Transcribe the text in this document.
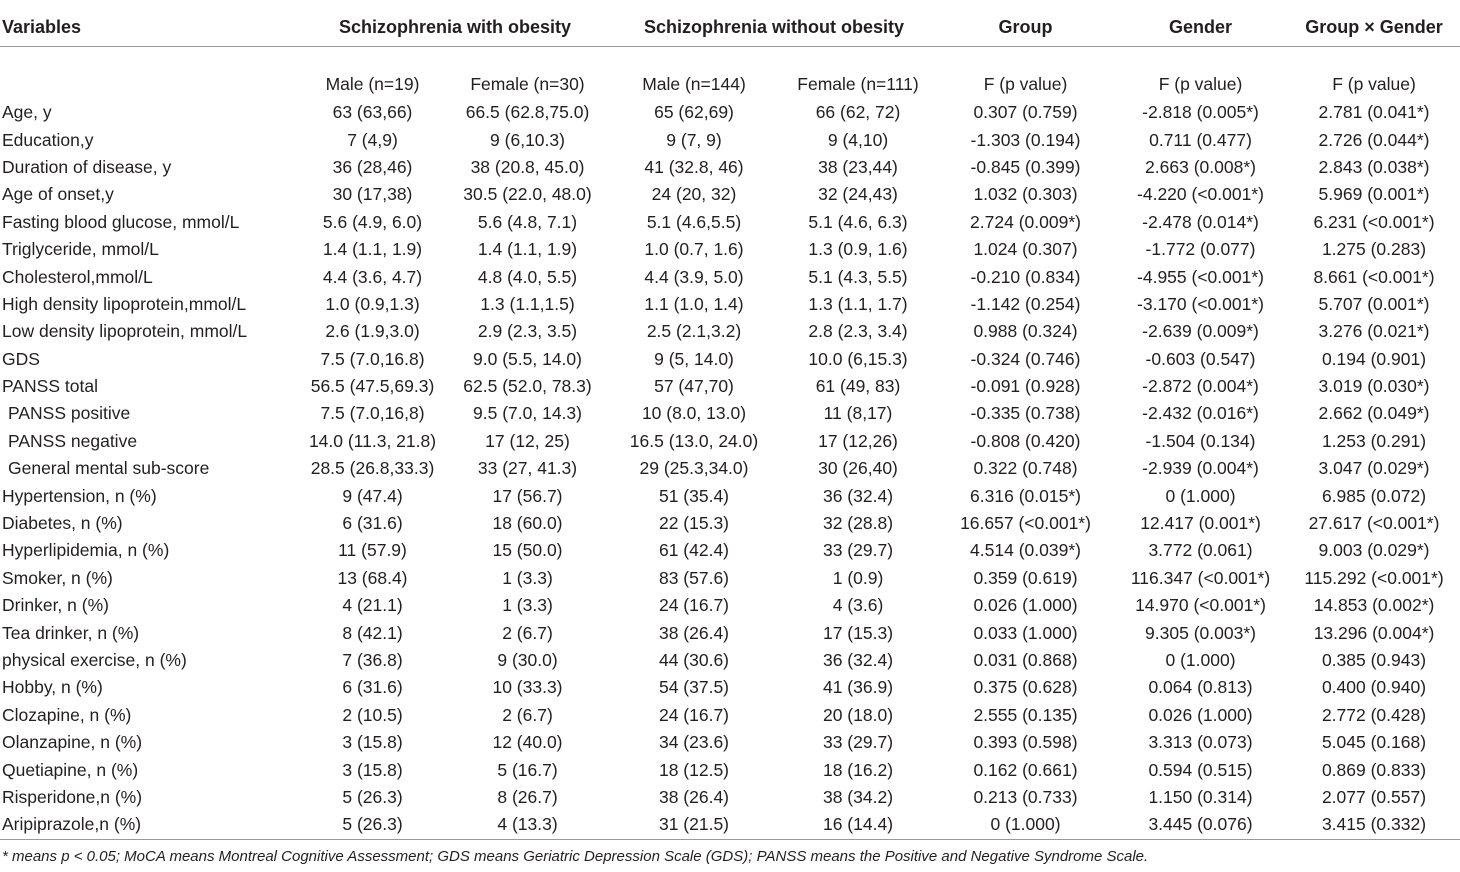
Variables	Schizophrenia with obesity		Schizophrenia without obesity		Group	Gender	Group × Gender
	Male (n=19)	Female (n=30)	Male (n=144)	Female (n=111)	F (p value)	F (p value)	F (p value)
Age, y	63 (63,66)	66.5 (62.8,75.0)	65 (62,69)	66 (62, 72)	0.307 (0.759)	-2.818 (0.005*)	2.781 (0.041*)
Education,y	7 (4,9)	9 (6,10.3)	9 (7, 9)	9 (4,10)	-1.303 (0.194)	0.711 (0.477)	2.726 (0.044*)
Duration of disease, y	36 (28,46)	38 (20.8, 45.0)	41 (32.8, 46)	38 (23,44)	-0.845 (0.399)	2.663 (0.008*)	2.843 (0.038*)
Age of onset,y	30 (17,38)	30.5 (22.0, 48.0)	24 (20, 32)	32 (24,43)	1.032 (0.303)	-4.220 (<0.001*)	5.969 (0.001*)
Fasting blood glucose, mmol/L	5.6 (4.9, 6.0)	5.6 (4.8, 7.1)	5.1 (4.6,5.5)	5.1 (4.6, 6.3)	2.724 (0.009*)	-2.478 (0.014*)	6.231 (<0.001*)
Triglyceride, mmol/L	1.4 (1.1, 1.9)	1.4 (1.1, 1.9)	1.0 (0.7, 1.6)	1.3 (0.9, 1.6)	1.024 (0.307)	-1.772 (0.077)	1.275 (0.283)
Cholesterol,mmol/L	4.4 (3.6, 4.7)	4.8 (4.0, 5.5)	4.4 (3.9, 5.0)	5.1 (4.3, 5.5)	-0.210 (0.834)	-4.955 (<0.001*)	8.661 (<0.001*)
High density lipoprotein,mmol/L	1.0 (0.9,1.3)	1.3 (1.1,1.5)	1.1 (1.0, 1.4)	1.3 (1.1, 1.7)	-1.142 (0.254)	-3.170 (<0.001*)	5.707 (0.001*)
Low density lipoprotein, mmol/L	2.6 (1.9,3.0)	2.9 (2.3, 3.5)	2.5 (2.1,3.2)	2.8 (2.3, 3.4)	0.988 (0.324)	-2.639 (0.009*)	3.276 (0.021*)
GDS	7.5 (7.0,16.8)	9.0 (5.5, 14.0)	9 (5, 14.0)	10.0 (6,15.3)	-0.324 (0.746)	-0.603 (0.547)	0.194 (0.901)
PANSS total	56.5 (47.5,69.3)	62.5 (52.0, 78.3)	57 (47,70)	61 (49, 83)	-0.091 (0.928)	-2.872 (0.004*)	3.019 (0.030*)
PANSS positive	7.5 (7.0,16,8)	9.5 (7.0, 14.3)	10 (8.0, 13.0)	11 (8,17)	-0.335 (0.738)	-2.432 (0.016*)	2.662 (0.049*)
PANSS negative	14.0 (11.3, 21.8)	17 (12, 25)	16.5 (13.0, 24.0)	17 (12,26)	-0.808 (0.420)	-1.504 (0.134)	1.253 (0.291)
General mental sub-score	28.5 (26.8,33.3)	33 (27, 41.3)	29 (25.3,34.0)	30 (26,40)	0.322 (0.748)	-2.939 (0.004*)	3.047 (0.029*)
Hypertension, n (%)	9 (47.4)	17 (56.7)	51 (35.4)	36 (32.4)	6.316 (0.015*)	0 (1.000)	6.985 (0.072)
Diabetes, n (%)	6 (31.6)	18 (60.0)	22 (15.3)	32 (28.8)	16.657 (<0.001*)	12.417 (0.001*)	27.617 (<0.001*)
Hyperlipidemia, n (%)	11 (57.9)	15 (50.0)	61 (42.4)	33 (29.7)	4.514 (0.039*)	3.772 (0.061)	9.003 (0.029*)
Smoker, n (%)	13 (68.4)	1 (3.3)	83 (57.6)	1 (0.9)	0.359 (0.619)	116.347 (<0.001*)	115.292 (<0.001*)
Drinker, n (%)	4 (21.1)	1 (3.3)	24 (16.7)	4 (3.6)	0.026 (1.000)	14.970 (<0.001*)	14.853 (0.002*)
Tea drinker, n (%)	8 (42.1)	2 (6.7)	38 (26.4)	17 (15.3)	0.033 (1.000)	9.305 (0.003*)	13.296 (0.004*)
physical exercise, n (%)	7 (36.8)	9 (30.0)	44 (30.6)	36 (32.4)	0.031 (0.868)	0 (1.000)	0.385 (0.943)
Hobby, n (%)	6 (31.6)	10 (33.3)	54 (37.5)	41 (36.9)	0.375 (0.628)	0.064 (0.813)	0.400 (0.940)
Clozapine, n (%)	2 (10.5)	2 (6.7)	24 (16.7)	20 (18.0)	2.555 (0.135)	0.026 (1.000)	2.772 (0.428)
Olanzapine, n (%)	3 (15.8)	12 (40.0)	34 (23.6)	33 (29.7)	0.393 (0.598)	3.313 (0.073)	5.045 (0.168)
Quetiapine, n (%)	3 (15.8)	5 (16.7)	18 (12.5)	18 (16.2)	0.162 (0.661)	0.594 (0.515)	0.869 (0.833)
Risperidone,n (%)	5 (26.3)	8 (26.7)	38 (26.4)	38 (34.2)	0.213 (0.733)	1.150 (0.314)	2.077 (0.557)
Aripiprazole,n (%)	5 (26.3)	4 (13.3)	31 (21.5)	16 (14.4)	0 (1.000)	3.445 (0.076)	3.415 (0.332)
* means p < 0.05; MoCA means Montreal Cognitive Assessment; GDS means Geriatric Depression Scale (GDS); PANSS means the Positive and Negative Syndrome Scale.
